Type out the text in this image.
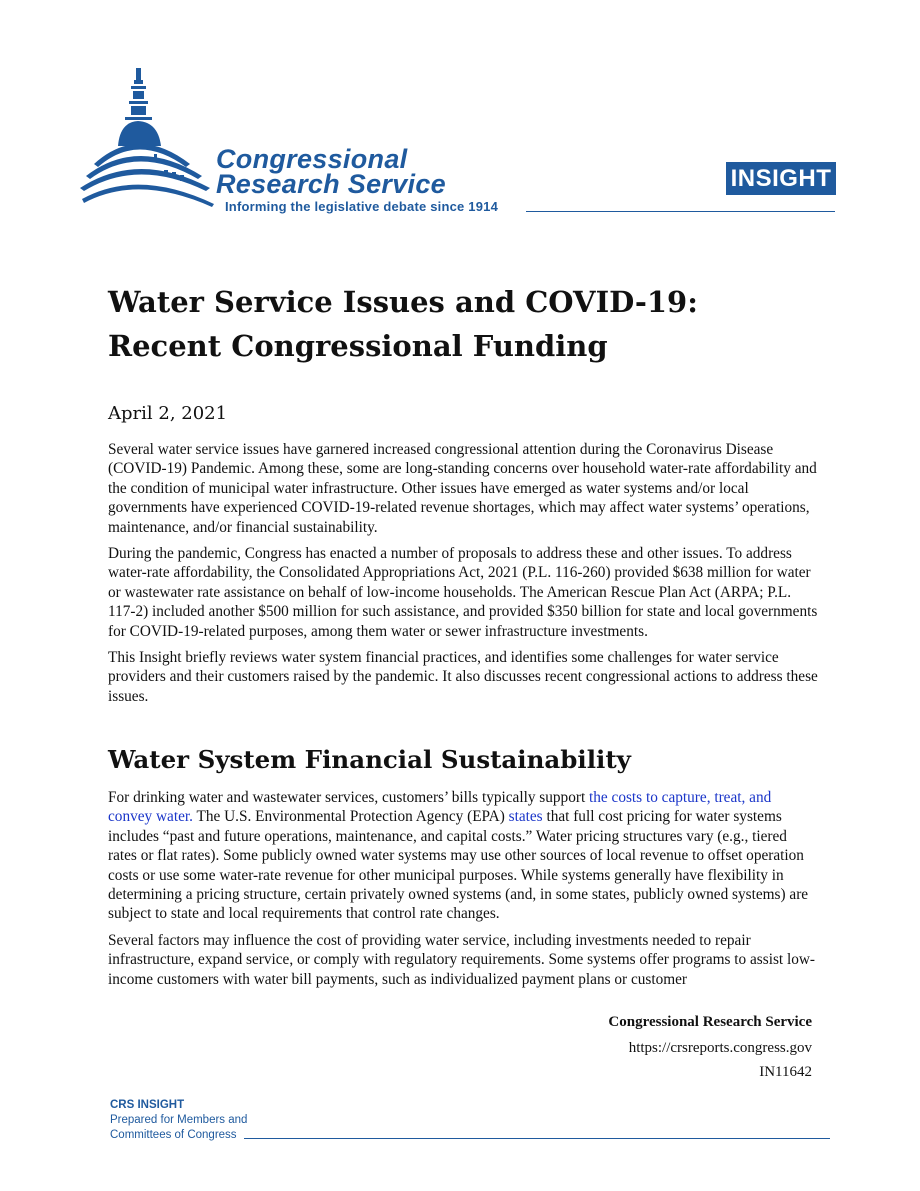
Congressional
Research Service
Informing the legislative debate since 1914
INSIGHT
Water Service Issues and COVID-19:
Recent Congressional Funding
April 2, 2021

Several water service issues have garnered increased congressional attention during the Coronavirus Disease (COVID-19) Pandemic. Among these, some are long-standing concerns over household water-rate affordability and the condition of municipal water infrastructure. Other issues have emerged as water systems and/or local governments have experienced COVID-19-related revenue shortages, which may affect water systems’ operations, maintenance, and/or financial sustainability.

During the pandemic, Congress has enacted a number of proposals to address these and other issues. To address water-rate affordability, the Consolidated Appropriations Act, 2021 (P.L. 116-260) provided $638 million for water or wastewater rate assistance on behalf of low-income households. The American Rescue Plan Act (ARPA; P.L. 117-2) included another $500 million for such assistance, and provided $350 billion for state and local governments for COVID-19-related purposes, among them water or sewer infrastructure investments.

This Insight briefly reviews water system financial practices, and identifies some challenges for water service providers and their customers raised by the pandemic. It also discusses recent congressional actions to address these issues.

Water System Financial Sustainability

For drinking water and wastewater services, customers’ bills typically support the costs to capture, treat, and convey water. The U.S. Environmental Protection Agency (EPA) states that full cost pricing for water systems includes “past and future operations, maintenance, and capital costs.” Water pricing structures vary (e.g., tiered rates or flat rates). Some publicly owned water systems may use other sources of local revenue to offset operation costs or use some water-rate revenue for other municipal purposes. While systems generally have flexibility in determining a pricing structure, certain privately owned systems (and, in some states, publicly owned systems) are subject to state and local requirements that control rate changes.

Several factors may influence the cost of providing water service, including investments needed to repair infrastructure, expand service, or comply with regulatory requirements. Some systems offer programs to assist low-income customers with water bill payments, such as individualized payment plans or customer

Congressional Research Service
https://crsreports.congress.gov
IN11642
CRS INSIGHT
Prepared for Members and
Committees of Congress
